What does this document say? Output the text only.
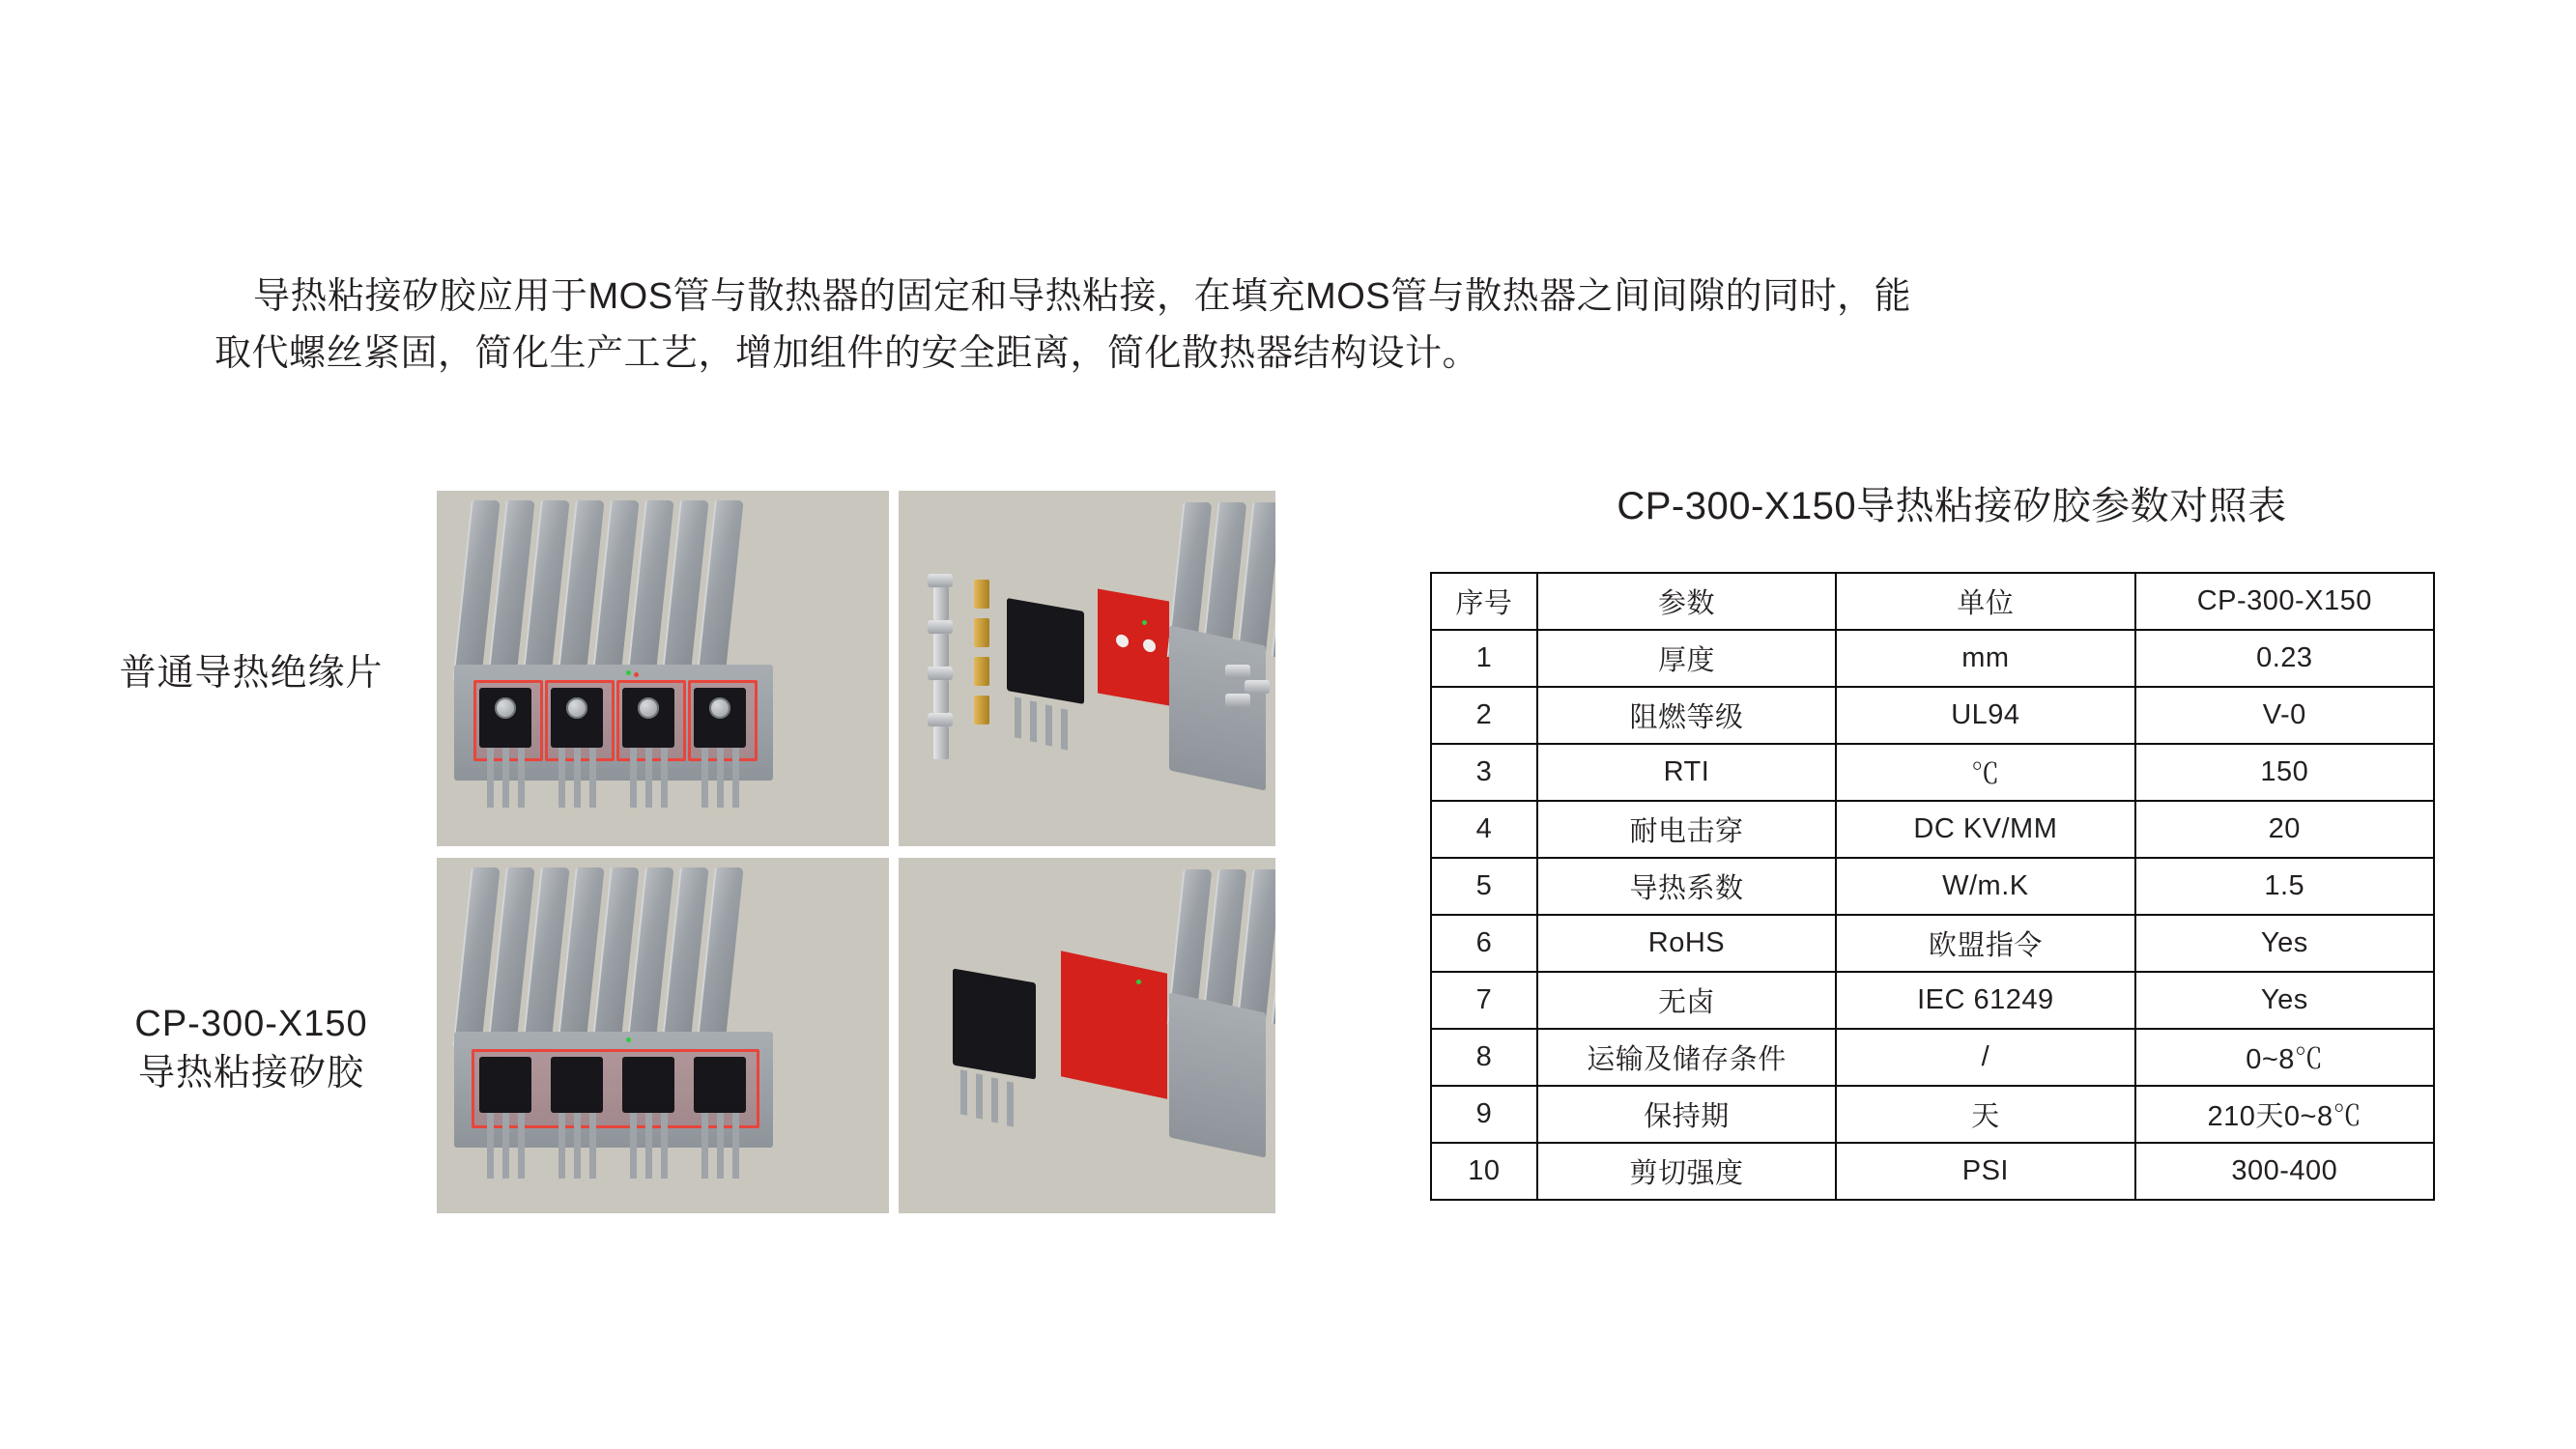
导热粘接矽胶应用于MOS管与散热器的固定和导热粘接，在填充MOS管与散热器之间间隙的同时，能
取代螺丝紧固，简化生产工艺，增加组件的安全距离，简化散热器结构设计。
普通导热绝缘片
CP-300-X150
导热粘接矽胶
CP-300-X150导热粘接矽胶参数对照表
序号	参数	单位	CP-300-X150
1	厚度	mm	0.23
2	阻燃等级	UL94	V-0
3	RTI	℃	150
4	耐电击穿	DC KV/MM	20
5	导热系数	W/m.K	1.5
6	RoHS	欧盟指令	Yes
7	无卤	IEC 61249	Yes
8	运输及储存条件	/	0~8℃
9	保持期	天	210天0~8℃
10	剪切强度	PSI	300-400
